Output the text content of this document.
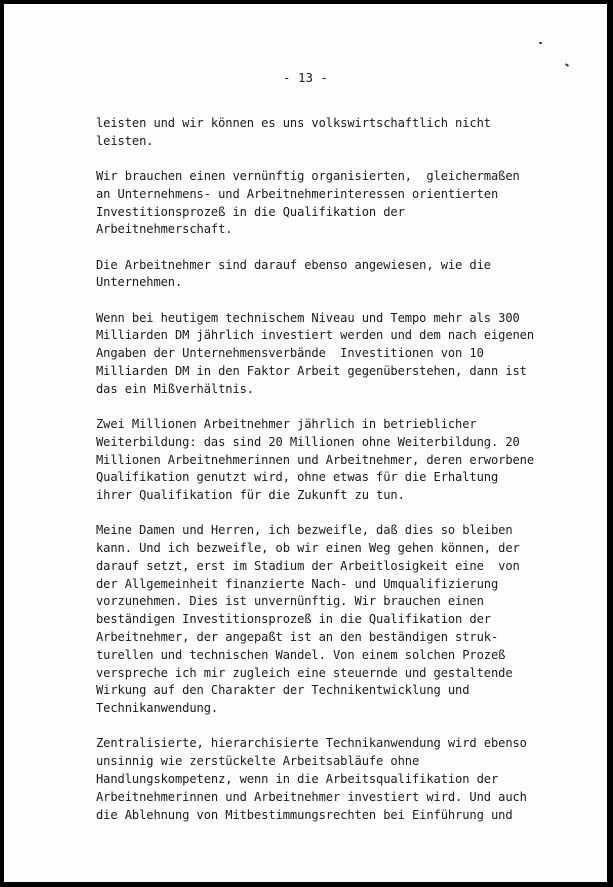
- 13 -
leisten und wir können es uns volkswirtschaftlich nicht
leisten.
Wir brauchen einen vernünftig organisierten,  gleichermaßen
an Unternehmens- und Arbeitnehmerinteressen orientierten
Investitionsprozeß in die Qualifikation der
Arbeitnehmerschaft.
Die Arbeitnehmer sind darauf ebenso angewiesen, wie die
Unternehmen.
Wenn bei heutigem technischem Niveau und Tempo mehr als 300
Milliarden DM jährlich investiert werden und dem nach eigenen
Angaben der Unternehmensverbände  Investitionen von 10
Milliarden DM in den Faktor Arbeit gegenüberstehen, dann ist
das ein Mißverhältnis.
Zwei Millionen Arbeitnehmer jährlich in betrieblicher
Weiterbildung: das sind 20 Millionen ohne Weiterbildung. 20
Millionen Arbeitnehmerinnen und Arbeitnehmer, deren erworbene
Qualifikation genutzt wird, ohne etwas für die Erhaltung
ihrer Qualifikation für die Zukunft zu tun.
Meine Damen und Herren, ich bezweifle, daß dies so bleiben
kann. Und ich bezweifle, ob wir einen Weg gehen können, der
darauf setzt, erst im Stadium der Arbeitlosigkeit eine  von
der Allgemeinheit finanzierte Nach- und Umqualifizierung
vorzunehmen. Dies ist unvernünftig. Wir brauchen einen
beständigen Investitionsprozeß in die Qualifikation der
Arbeitnehmer, der angepaßt ist an den beständigen struk-
turellen und technischen Wandel. Von einem solchen Prozeß
verspreche ich mir zugleich eine steuernde und gestaltende
Wirkung auf den Charakter der Technikentwicklung und
Technikanwendung.
Zentralisierte, hierarchisierte Technikanwendung wird ebenso
unsinnig wie zerstückelte Arbeitsabläufe ohne
Handlungskompetenz, wenn in die Arbeitsqualifikation der
Arbeitnehmerinnen und Arbeitnehmer investiert wird. Und auch
die Ablehnung von Mitbestimmungsrechten bei Einführung und
